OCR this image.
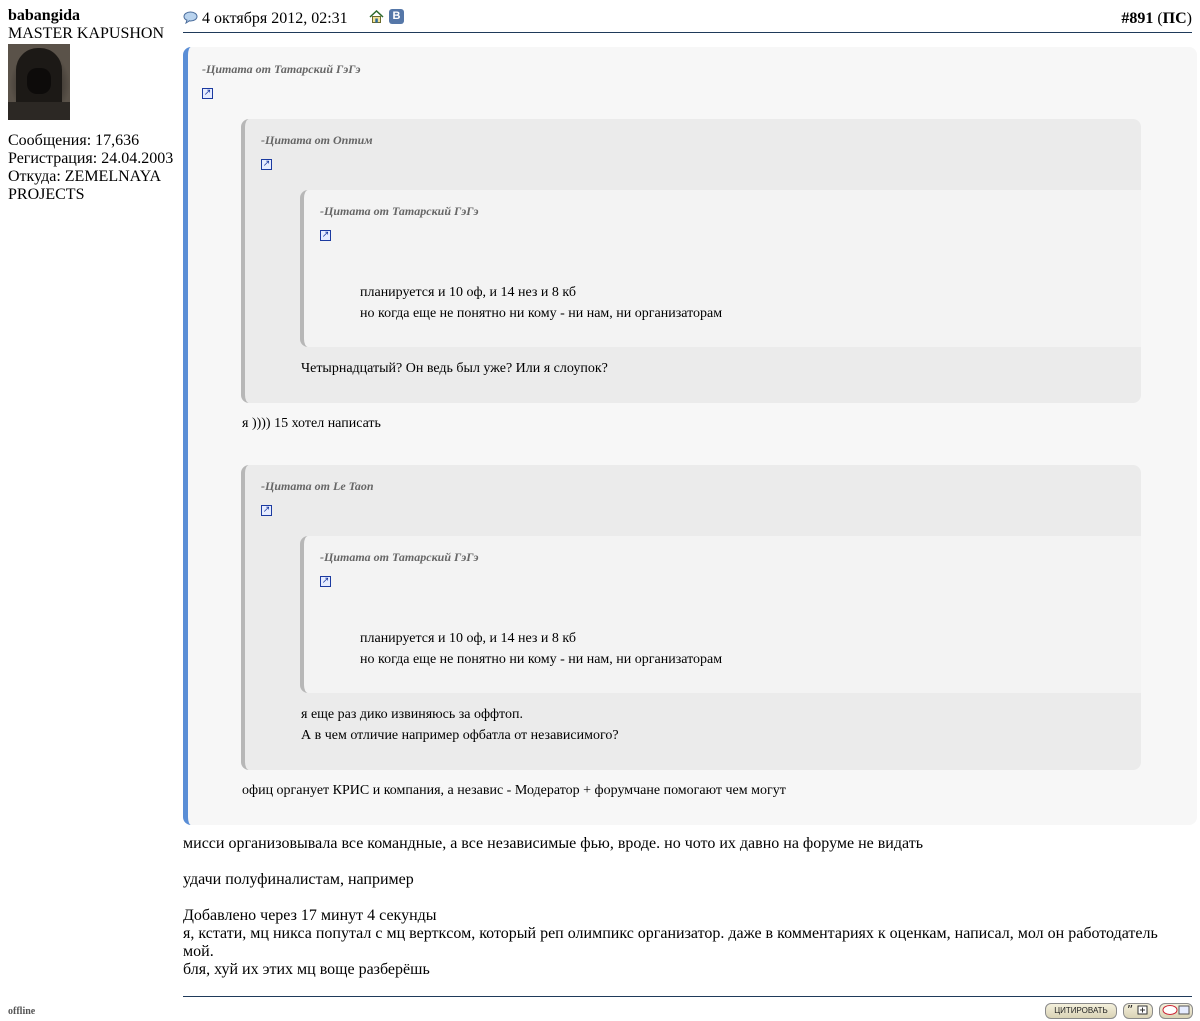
babangida
MASTER KAPUSHON
Сообщения: 17,636
Регистрация: 24.04.2003
Откуда: ZEMELNAYA PROJECTS
offline
4 октября 2012, 02:31	В	#891 (ПС)
-Цитата от Татарский ГэГэ
↗
-Цитата от Оптим
↗
-Цитата от Татарский ГэГэ
↗
планируется и 10 оф, и 14 нез и 8 кб
но когда еще не понятно ни кому - ни нам, ни организаторам
Четырнадцатый? Он ведь был уже? Или я слоупок?
я )))) 15 хотел написать
-Цитата от Le Taon
↗
-Цитата от Татарский ГэГэ
↗
планируется и 10 оф, и 14 нез и 8 кб
но когда еще не понятно ни кому - ни нам, ни организаторам
я еще раз дико извиняюсь за оффтоп.
А в чем отличие например офбатла от независимого?
офиц органует КРИС и компания, а независ - Модератор + форумчане помогают чем могут
мисси организовывала все командные, а все независимые фью, вроде. но чото их давно на форуме не видать
удачи полуфиналистам, например
Добавлено через 17 минут 4 секунды
я, кстати, мц никса попутал с мц верткcом, который реп олимпикс организатор. даже в комментариях к оценкам, написал, мол он работодатель мой.
бля, хуй их этих мц воще разберёшь
ЦИТИРОВАТЬ	”
